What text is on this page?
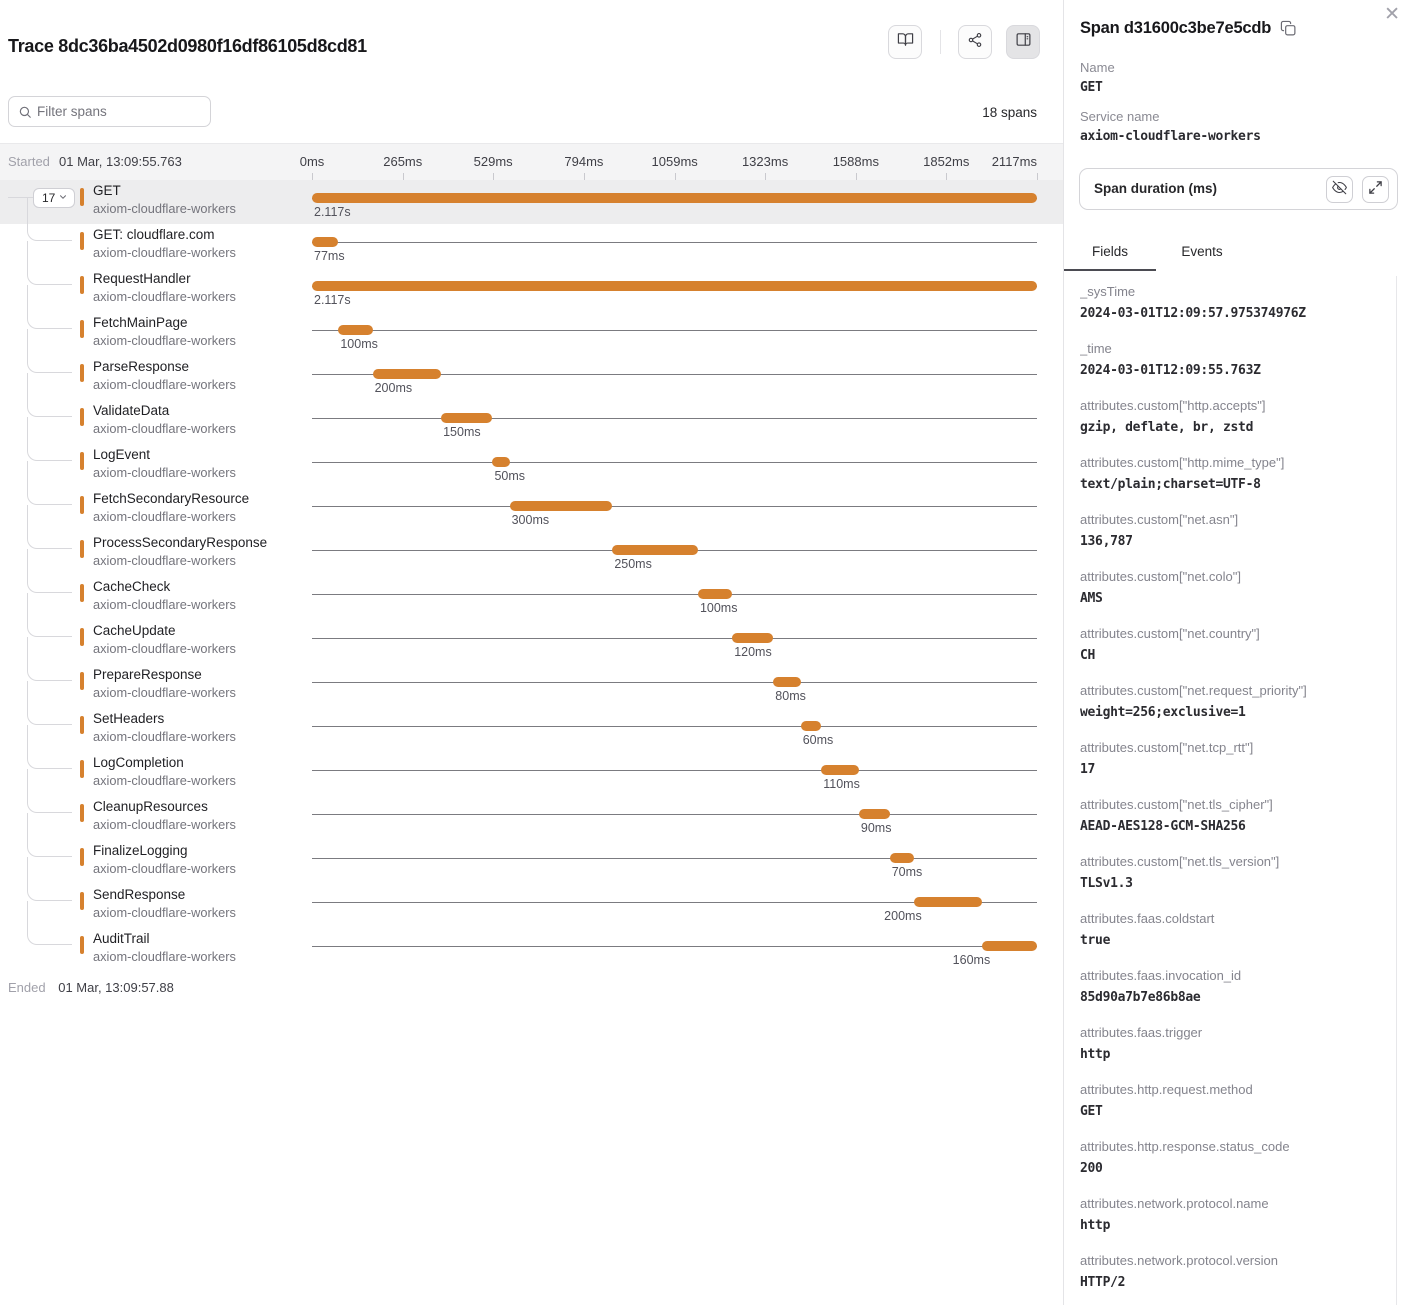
Trace 8dc36ba4502d0980f16df86105d8cd81
Filter spans
18 spans
Started 01 Mar, 13:09:55.763	0ms	265ms	529ms	794ms	1059ms	1323ms	1588ms	1852ms 2117ms
GET
axiom-cloudflare-workers	2.117s
17
GET: cloudflare.com
axiom-cloudflare-workers	77ms
RequestHandler
axiom-cloudflare-workers	2.117s
FetchMainPage
axiom-cloudflare-workers	100ms
ParseResponse
axiom-cloudflare-workers	200ms
ValidateData
axiom-cloudflare-workers	150ms
LogEvent
axiom-cloudflare-workers	50ms
FetchSecondaryResource
axiom-cloudflare-workers	300ms
ProcessSecondaryResponse
axiom-cloudflare-workers	250ms
CacheCheck
axiom-cloudflare-workers	100ms
CacheUpdate
axiom-cloudflare-workers	120ms
PrepareResponse
axiom-cloudflare-workers	80ms
SetHeaders
axiom-cloudflare-workers	60ms
LogCompletion
axiom-cloudflare-workers	110ms
CleanupResources
axiom-cloudflare-workers	90ms
FinalizeLogging
axiom-cloudflare-workers	70ms
SendResponse
axiom-cloudflare-workers	200ms
AuditTrail
axiom-cloudflare-workers	160ms
Ended 01 Mar, 13:09:57.88
✕
Span d31600c3be7e5cdb
Name
GET
Service name
axiom-cloudflare-workers
Span duration (ms)
Fields	Events
_sysTime
2024-03-01T12:09:57.975374976Z
_time
2024-03-01T12:09:55.763Z
attributes.custom["http.accepts"]
gzip, deflate, br, zstd
attributes.custom["http.mime_type"]
text/plain;charset=UTF-8
attributes.custom["net.asn"]
136,787
attributes.custom["net.colo"]
AMS
attributes.custom["net.country"]
CH
attributes.custom["net.request_priority"]
weight=256;exclusive=1
attributes.custom["net.tcp_rtt"]
17
attributes.custom["net.tls_cipher"]
AEAD-AES128-GCM-SHA256
attributes.custom["net.tls_version"]
TLSv1.3
attributes.faas.coldstart
true
attributes.faas.invocation_id
85d90a7b7e86b8ae
attributes.faas.trigger
http
attributes.http.request.method
GET
attributes.http.response.status_code
200
attributes.network.protocol.name
http
attributes.network.protocol.version
HTTP/2
